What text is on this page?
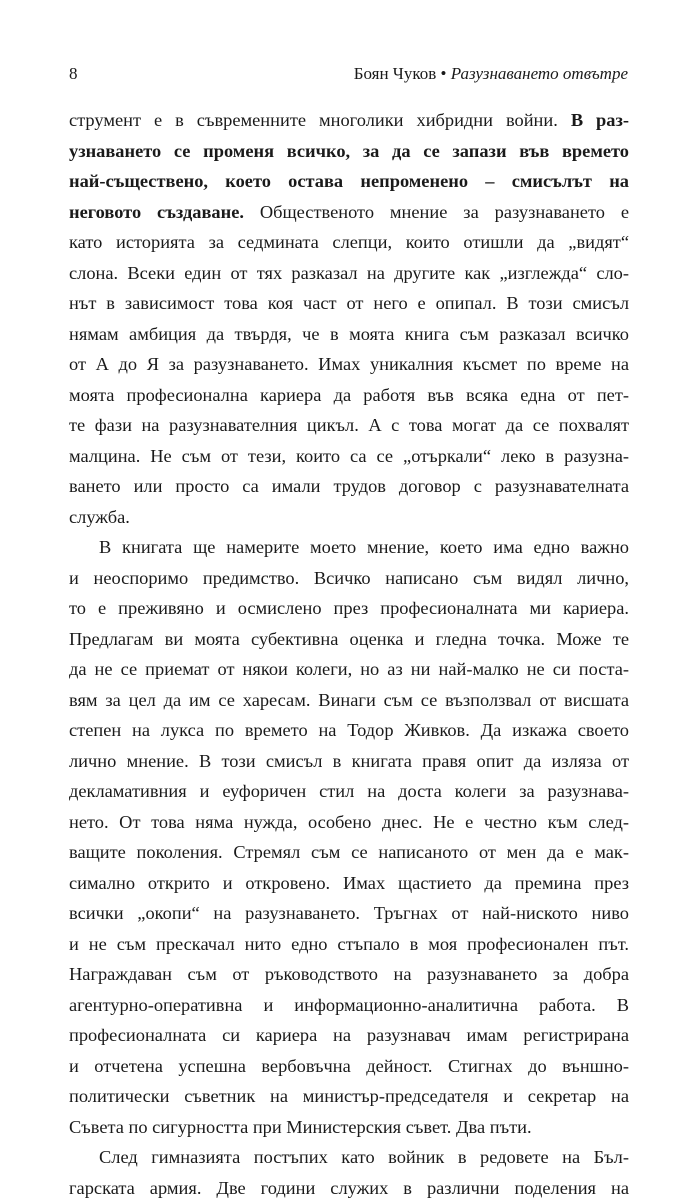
8	Боян Чуков • Разузнаването отвътре
струмент е в съвременните многолики хибридни войни. В раз-
узнаването се променя всичко, за да се запази във времето
най-съществено, което остава непроменено – смисълът на
неговото създаване. Общественото мнение за разузнаването е
като историята за седмината слепци, които отишли да „видят“
слона. Всеки един от тях разказал на другите как „изглежда“ сло-
нът в зависимост това коя част от него е опипал. В този смисъл
нямам амбиция да твърдя, че в моята книга съм разказал всичко
от А до Я за разузнаването. Имах уникалния късмет по време на
моята професионална кариера да работя във всяка една от пет-
те фази на разузнавателния цикъл. А с това могат да се похвалят
малцина. Не съм от тези, които са се „отъркали“ леко в разузна-
ването или просто са имали трудов договор с разузнавателната
служба.
В книгата ще намерите моето мнение, което има едно важно
и неоспоримо предимство. Всичко написано съм видял лично,
то е преживяно и осмислено през професионалната ми кариера.
Предлагам ви моята субективна оценка и гледна точка. Може те
да не се приемат от някои колеги, но аз ни най-малко не си поста-
вям за цел да им се харесам. Винаги съм се възползвал от висшата
степен на лукса по времето на Тодор Живков. Да изкажа своето
лично мнение. В този смисъл в книгата правя опит да изляза от
декламативния и еуфоричен стил на доста колеги за разузнава-
нето. От това няма нужда, особено днес. Не е честно към след-
ващите поколения. Стремял съм се написаното от мен да е мак-
симално открито и откровено. Имах щастието да премина през
всички „окопи“ на разузнаването. Тръгнах от най-ниското ниво
и не съм прескачал нито едно стъпало в моя професионален път.
Награждаван съм от ръководството на разузнаването за добра
агентурно-оперативна и информационно-аналитична работа. В
професионалната си кариера на разузнавач имам регистрирана
и отчетена успешна вербовъчна дейност. Стигнах до външно-
политически съветник на министър-председателя и секретар на
Съвета по сигурността при Министерския съвет. Два пъти.
След гимназията постъпих като войник в редовете на Бъл-
гарската армия. Две години служих в различни поделения на
